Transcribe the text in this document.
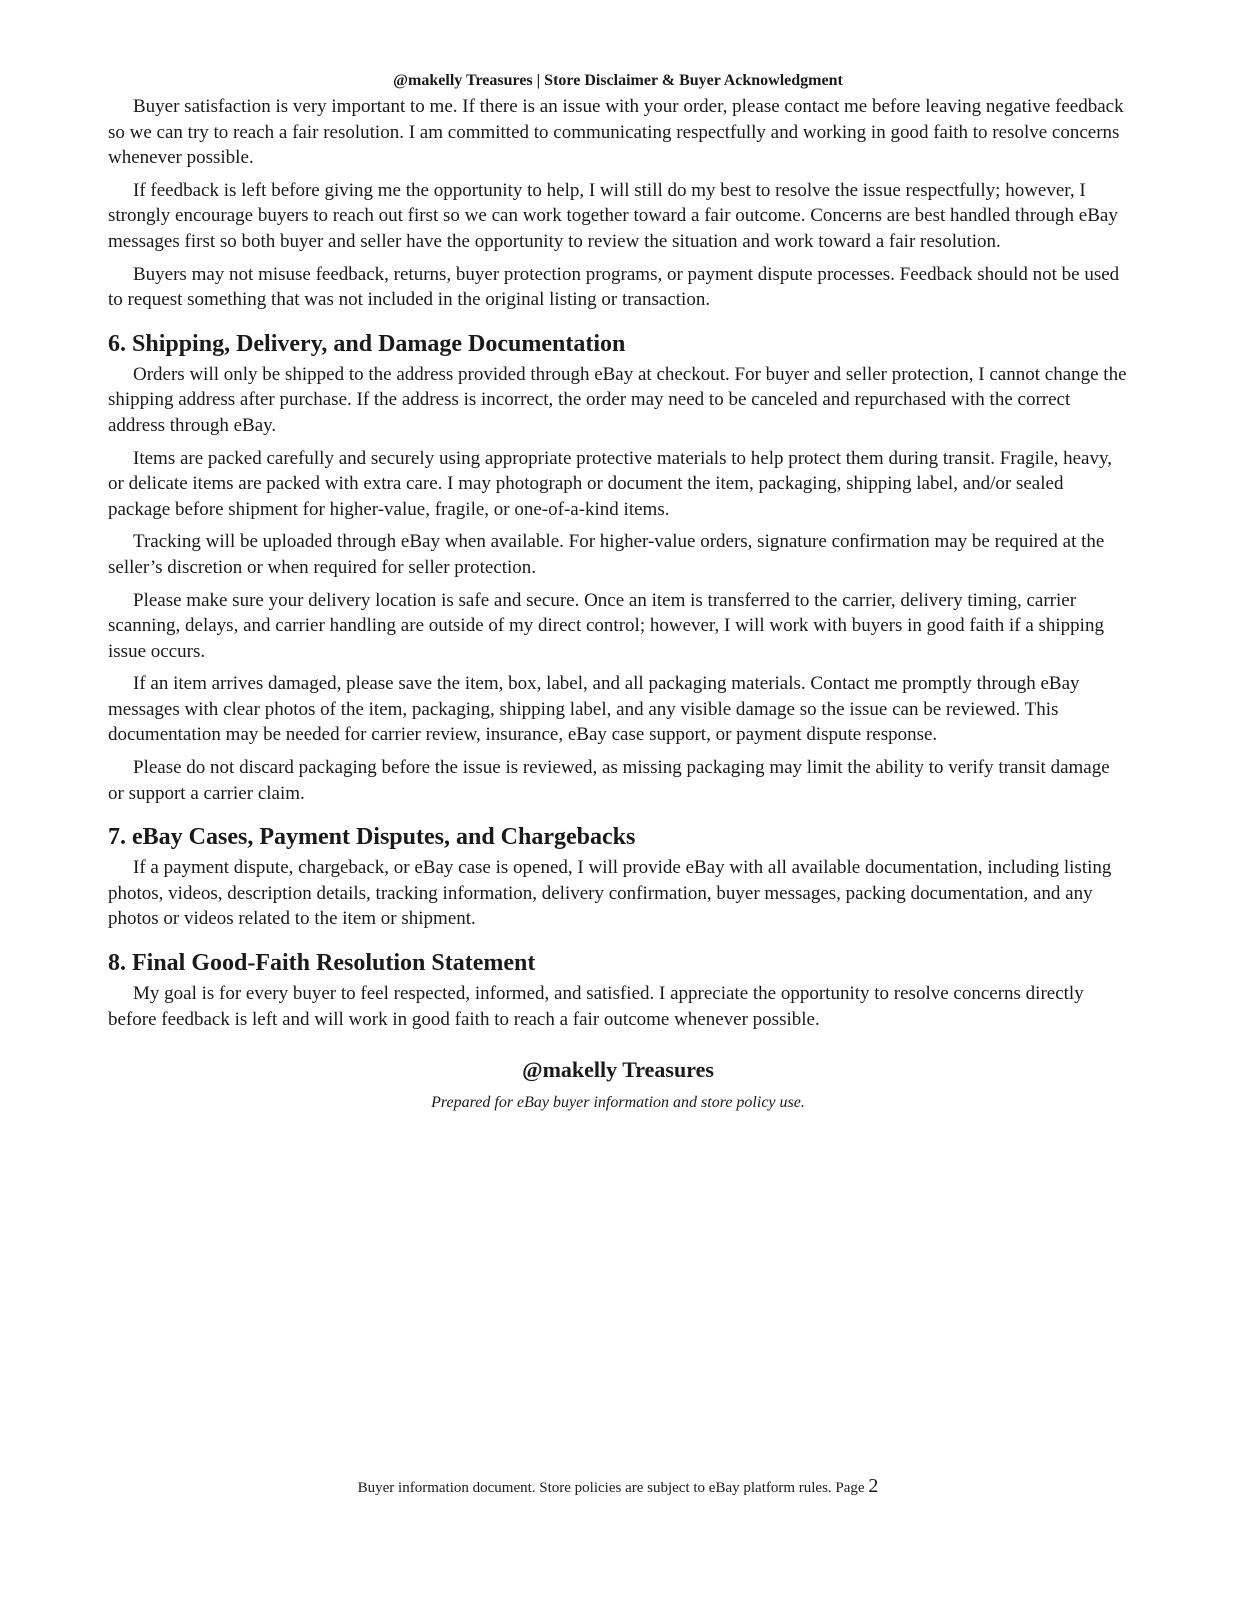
@makelly Treasures | Store Disclaimer & Buyer Acknowledgment

Buyer satisfaction is very important to me. If there is an issue with your order, please contact me before leaving negative feedback so we can try to reach a fair resolution. I am committed to communicating respectfully and working in good faith to resolve concerns whenever possible.

If feedback is left before giving me the opportunity to help, I will still do my best to resolve the issue respectfully; however, I strongly encourage buyers to reach out first so we can work together toward a fair outcome. Concerns are best handled through eBay messages first so both buyer and seller have the opportunity to review the situation and work toward a fair resolution.

Buyers may not misuse feedback, returns, buyer protection programs, or payment dispute processes. Feedback should not be used to request something that was not included in the original listing or transaction.

6. Shipping, Delivery, and Damage Documentation

Orders will only be shipped to the address provided through eBay at checkout. For buyer and seller protection, I cannot change the shipping address after purchase. If the address is incorrect, the order may need to be canceled and repurchased with the correct address through eBay.

Items are packed carefully and securely using appropriate protective materials to help protect them during transit. Fragile, heavy, or delicate items are packed with extra care. I may photograph or document the item, packaging, shipping label, and/or sealed package before shipment for higher-value, fragile, or one-of-a-kind items.

Tracking will be uploaded through eBay when available. For higher-value orders, signature confirmation may be required at the seller’s discretion or when required for seller protection.

Please make sure your delivery location is safe and secure. Once an item is transferred to the carrier, delivery timing, carrier scanning, delays, and carrier handling are outside of my direct control; however, I will work with buyers in good faith if a shipping issue occurs.

If an item arrives damaged, please save the item, box, label, and all packaging materials. Contact me promptly through eBay messages with clear photos of the item, packaging, shipping label, and any visible damage so the issue can be reviewed. This documentation may be needed for carrier review, insurance, eBay case support, or payment dispute response.

Please do not discard packaging before the issue is reviewed, as missing packaging may limit the ability to verify transit damage or support a carrier claim.

7. eBay Cases, Payment Disputes, and Chargebacks

If a payment dispute, chargeback, or eBay case is opened, I will provide eBay with all available documentation, including listing photos, videos, description details, tracking information, delivery confirmation, buyer messages, packing documentation, and any photos or videos related to the item or shipment.

8. Final Good-Faith Resolution Statement

My goal is for every buyer to feel respected, informed, and satisfied. I appreciate the opportunity to resolve concerns directly before feedback is left and will work in good faith to reach a fair outcome whenever possible.

@makelly Treasures
Prepared for eBay buyer information and store policy use.
Buyer information document. Store policies are subject to eBay platform rules. Page 2
